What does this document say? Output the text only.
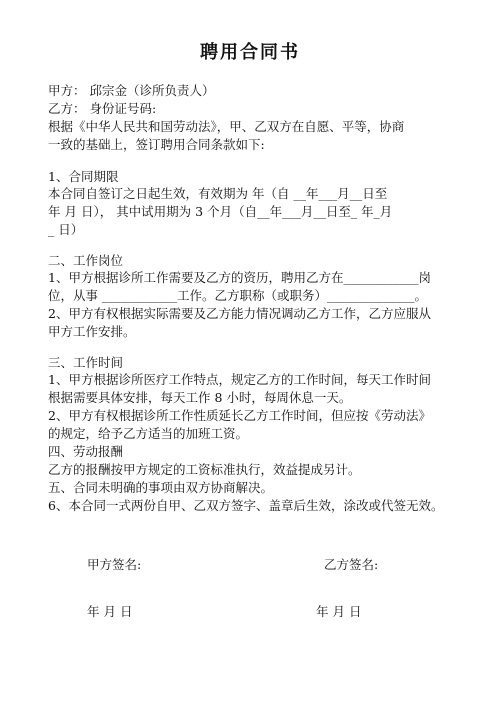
聘用合同书
甲方： 邱宗金（诊所负责人）
乙方： 身份证号码:
根据《中华人民共和国劳动法》，甲、乙双方在自愿、平等，协商
一致的基础上，签订聘用合同条款如下:
1、合同期限
本合同自签订之日起生效，有效期为 年（自 __年___月__日至
年 月 日）， 其中试用期为 3 个月（自__年___月__日至_ 年_月
_ 日）
二、工作岗位
1、甲方根据诊所工作需要及乙方的资历，聘用乙方在____________岗
位，从事 ____________工作。乙方职称（或职务）______________。
2、甲方有权根据实际需要及乙方能力情况调动乙方工作，乙方应服从
甲方工作安排。
三、工作时间
1、甲方根据诊所医疗工作特点，规定乙方的工作时间，每天工作时间
根据需要具体安排，每天工作 8 小时，每周休息一天。
2、甲方有权根据诊所工作性质延长乙方工作时间，但应按《劳动法》
的规定，给予乙方适当的加班工资。
四、劳动报酬
乙方的报酬按甲方规定的工资标准执行，效益提成另计。
五、合同未明确的事项由双方协商解决。
6、本合同一式两份自甲、乙双方签字、盖章后生效，涂改或代签无效。
甲方签名:	乙方签名:
年 月 日	年 月 日
